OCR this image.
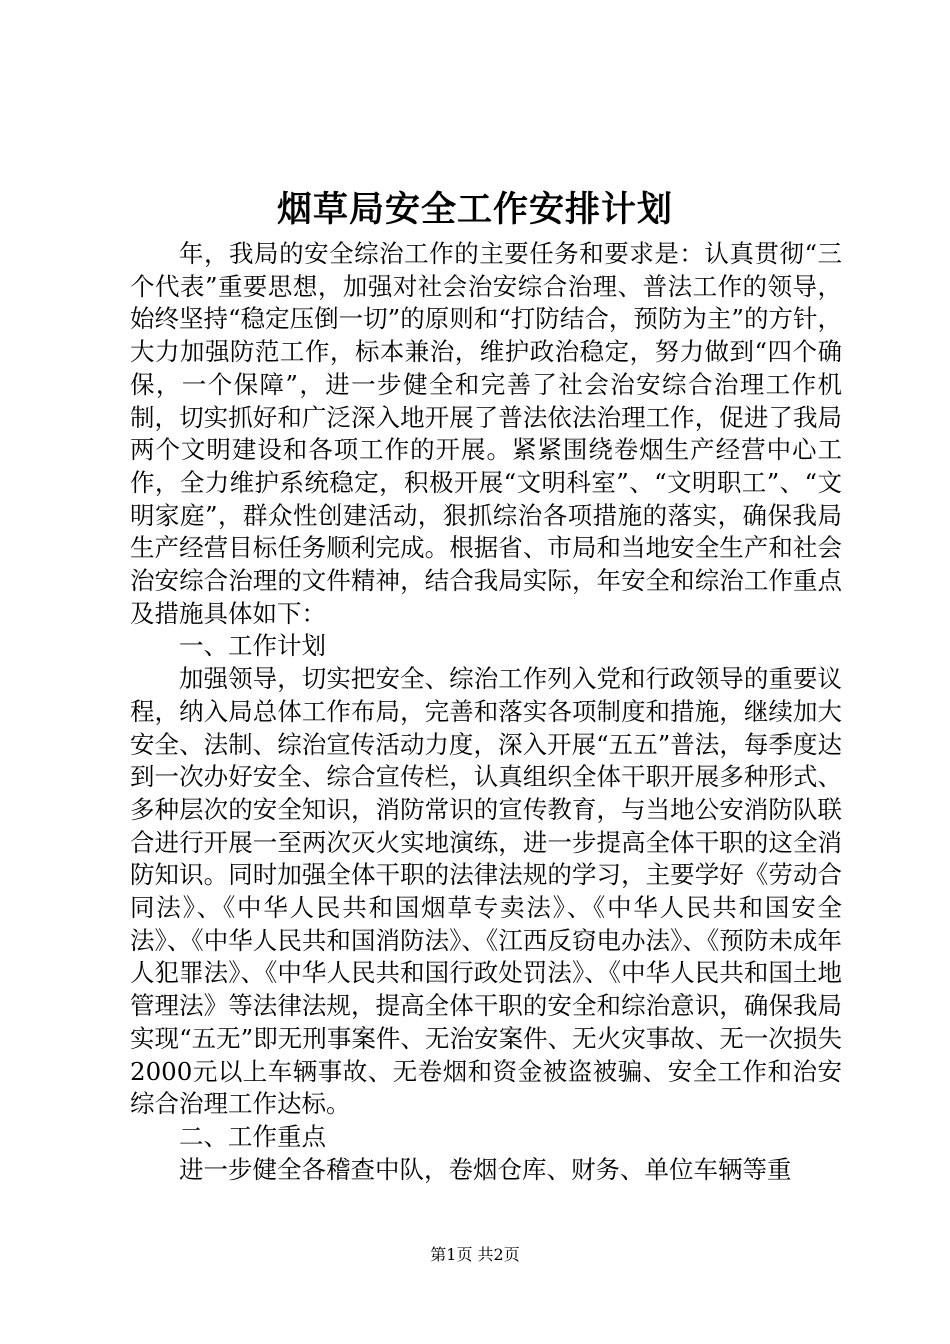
烟草局安全工作安排计划

年，我局的安全综治工作的主要任务和要求是：认真贯彻“三个代表”重要思想，加强对社会治安综合治理、普法工作的领导，始终坚持“稳定压倒一切”的原则和“打防结合，预防为主”的方针，大力加强防范工作，标本兼治，维护政治稳定，努力做到“四个确保，一个保障”，进一步健全和完善了社会治安综合治理工作机制，切实抓好和广泛深入地开展了普法依法治理工作，促进了我局两个文明建设和各项工作的开展。紧紧围绕卷烟生产经营中心工作，全力维护系统稳定，积极开展“文明科室”、“文明职工”、“文明家庭”，群众性创建活动，狠抓综治各项措施的落实，确保我局生产经营目标任务顺利完成。根据省、市局和当地安全生产和社会治安综合治理的文件精神，结合我局实际，年安全和综治工作重点及措施具体如下：

一、工作计划

加强领导，切实把安全、综治工作列入党和行政领导的重要议程，纳入局总体工作布局，完善和落实各项制度和措施，继续加大安全、法制、综治宣传活动力度，深入开展“五五”普法，每季度达到一次办好安全、综合宣传栏，认真组织全体干职开展多种形式、多种层次的安全知识，消防常识的宣传教育，与当地公安消防队联合进行开展一至两次灭火实地演练，进一步提高全体干职的这全消防知识。同时加强全体干职的法律法规的学习，主要学好《劳动合同法》、《中华人民共和国烟草专卖法》、《中华人民共和国安全法》、《中华人民共和国消防法》、《江西反窃电办法》、《预防未成年人犯罪法》、《中华人民共和国行政处罚法》、《中华人民共和国土地管理法》等法律法规，提高全体干职的安全和综治意识，确保我局实现“五无”即无刑事案件、无治安案件、无火灾事故、无一次损失2000元以上车辆事故、无卷烟和资金被盗被骗、安全工作和治安综合治理工作达标。

二、工作重点

进一步健全各稽查中队，卷烟仓库、财务、单位车辆等重

第1页 共2页
